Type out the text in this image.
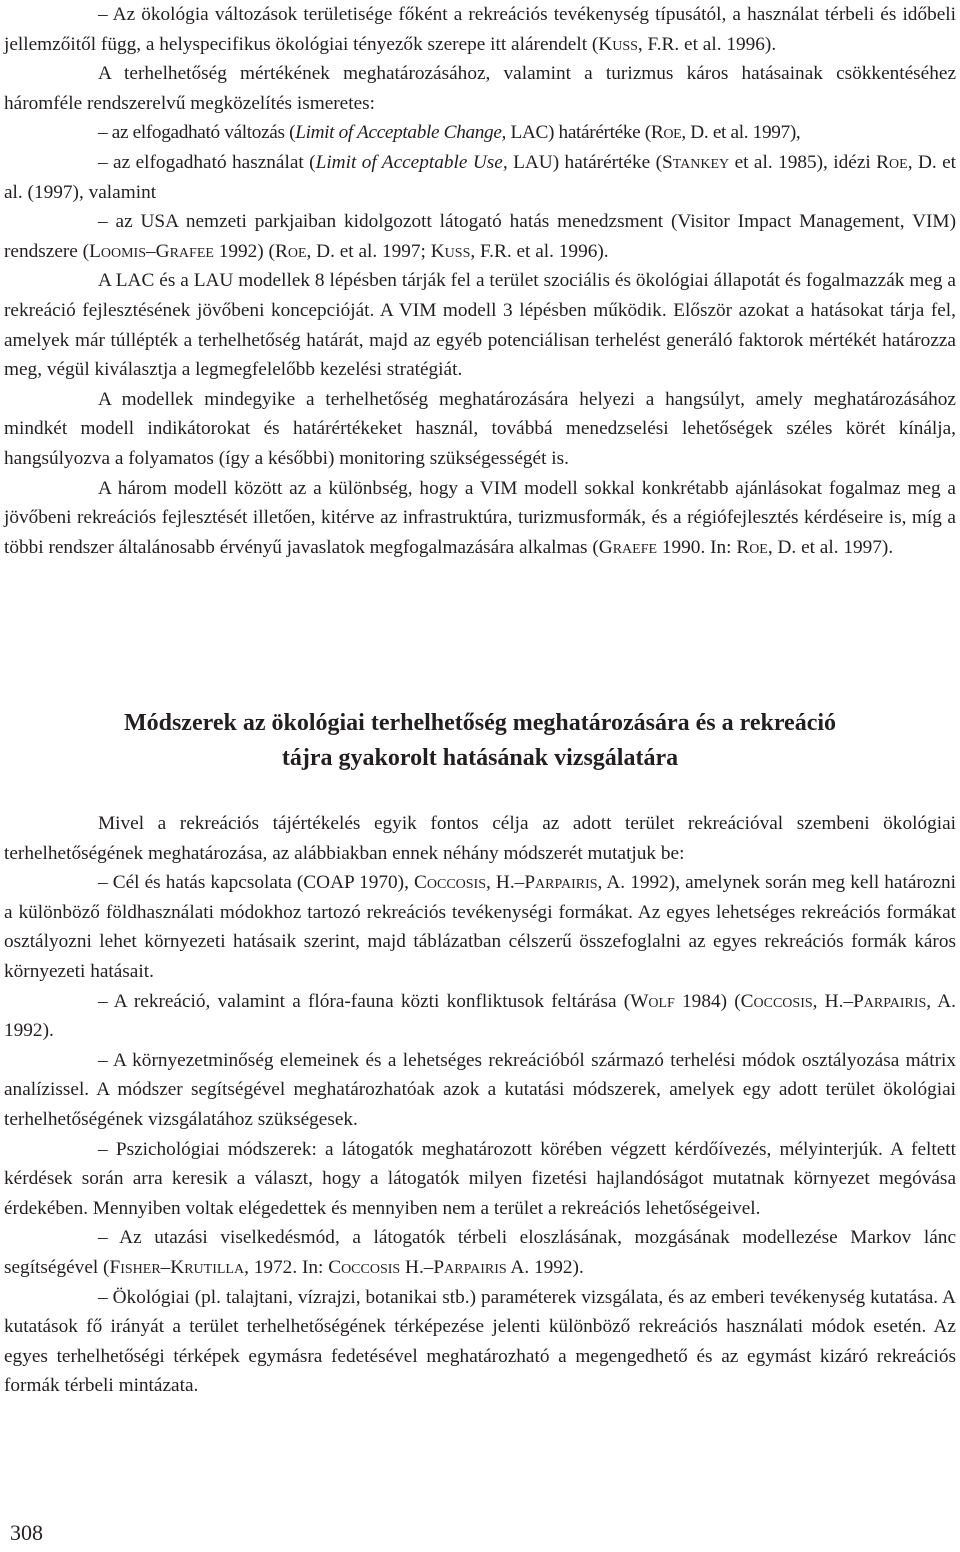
– Az ökológia változások területisége főként a rekreációs tevékenység típusától, a használat térbeli és időbeli jellemzőitől függ, a helyspecifikus ökológiai tényezők szerepe itt alárendelt (Kuss, F.R. et al. 1996).

A terhelhetőség mértékének meghatározásához, valamint a turizmus káros hatásainak csökkentéséhez háromféle rendszerelvű megközelítés ismeretes:

– az elfogadható változás (Limit of Acceptable Change, LAC) határértéke (Roe, D. et al. 1997),

– az elfogadható használat (Limit of Acceptable Use, LAU) határértéke (Stankey et al. 1985), idézi Roe, D. et al. (1997), valamint

– az USA nemzeti parkjaiban kidolgozott látogató hatás menedzsment (Visitor Impact Management, VIM) rendszere (Loomis–Grafee 1992) (Roe, D. et al. 1997; Kuss, F.R. et al. 1996).

A LAC és a LAU modellek 8 lépésben tárják fel a terület szociális és ökológiai állapotát és fogalmazzák meg a rekreáció fejlesztésének jövőbeni koncepcióját. A VIM modell 3 lépésben működik. Először azokat a hatásokat tárja fel, amelyek már túllépték a terhelhetőség határát, majd az egyéb potenciálisan terhelést generáló faktorok mértékét határozza meg, végül kiválasztja a legmegfelelőbb kezelési stratégiát.

A modellek mindegyike a terhelhetőség meghatározására helyezi a hangsúlyt, amely meghatározásához mindkét modell indikátorokat és határértékeket használ, továbbá menedzselési lehetőségek széles körét kínálja, hangsúlyozva a folyamatos (így a későbbi) monitoring szükségességét is.

A három modell között az a különbség, hogy a VIM modell sokkal konkrétabb ajánlásokat fogalmaz meg a jövőbeni rekreációs fejlesztését illetően, kitérve az infrastruktúra, turizmusformák, és a régiófejlesztés kérdéseire is, míg a többi rendszer általánosabb érvényű javaslatok megfogalmazására alkalmas (Graefe 1990. In: Roe, D. et al. 1997).

Módszerek az ökológiai terhelhetőség meghatározására és a rekreáció
tájra gyakorolt hatásának vizsgálatára

Mivel a rekreációs tájértékelés egyik fontos célja az adott terület rekreációval szembeni ökológiai terhelhetőségének meghatározása, az alábbiakban ennek néhány módszerét mutatjuk be:

– Cél és hatás kapcsolata (COAP 1970), Coccosis, H.–Parpairis, A. 1992), amelynek során meg kell határozni a különböző földhasználati módokhoz tartozó rekreációs tevékenységi formákat. Az egyes lehetséges rekreációs formákat osztályozni lehet környezeti hatásaik szerint, majd táblázatban célszerű összefoglalni az egyes rekreációs formák káros környezeti hatásait.

– A rekreáció, valamint a flóra-fauna közti konfliktusok feltárása (Wolf 1984) (Coccosis, H.–Parpairis, A. 1992).

– A környezetminőség elemeinek és a lehetséges rekreációból származó terhelési módok osztályozása mátrix analízissel. A módszer segítségével meghatározhatóak azok a kutatási módszerek, amelyek egy adott terület ökológiai terhelhetőségének vizsgálatához szükségesek.

– Pszichológiai módszerek: a látogatók meghatározott körében végzett kérdőívezés, mélyinterjúk. A feltett kérdések során arra keresik a választ, hogy a látogatók milyen fizetési hajlandóságot mutatnak környezet megóvása érdekében. Mennyiben voltak elégedettek és mennyiben nem a terület a rekreációs lehetőségeivel.

– Az utazási viselkedésmód, a látogatók térbeli eloszlásának, mozgásának modellezése Markov lánc segítségével (Fisher–Krutilla, 1972. In: Coccosis H.–Parpairis A. 1992).

– Ökológiai (pl. talajtani, vízrajzi, botanikai stb.) paraméterek vizsgálata, és az emberi tevékenység kutatása. A kutatások fő irányát a terület terhelhetőségének térképezése jelenti különböző rekreációs használati módok esetén. Az egyes terhelhetőségi térképek egymásra fedetésével meghatározható a megengedhető és az egymást kizáró rekreációs formák térbeli mintázata.

308
